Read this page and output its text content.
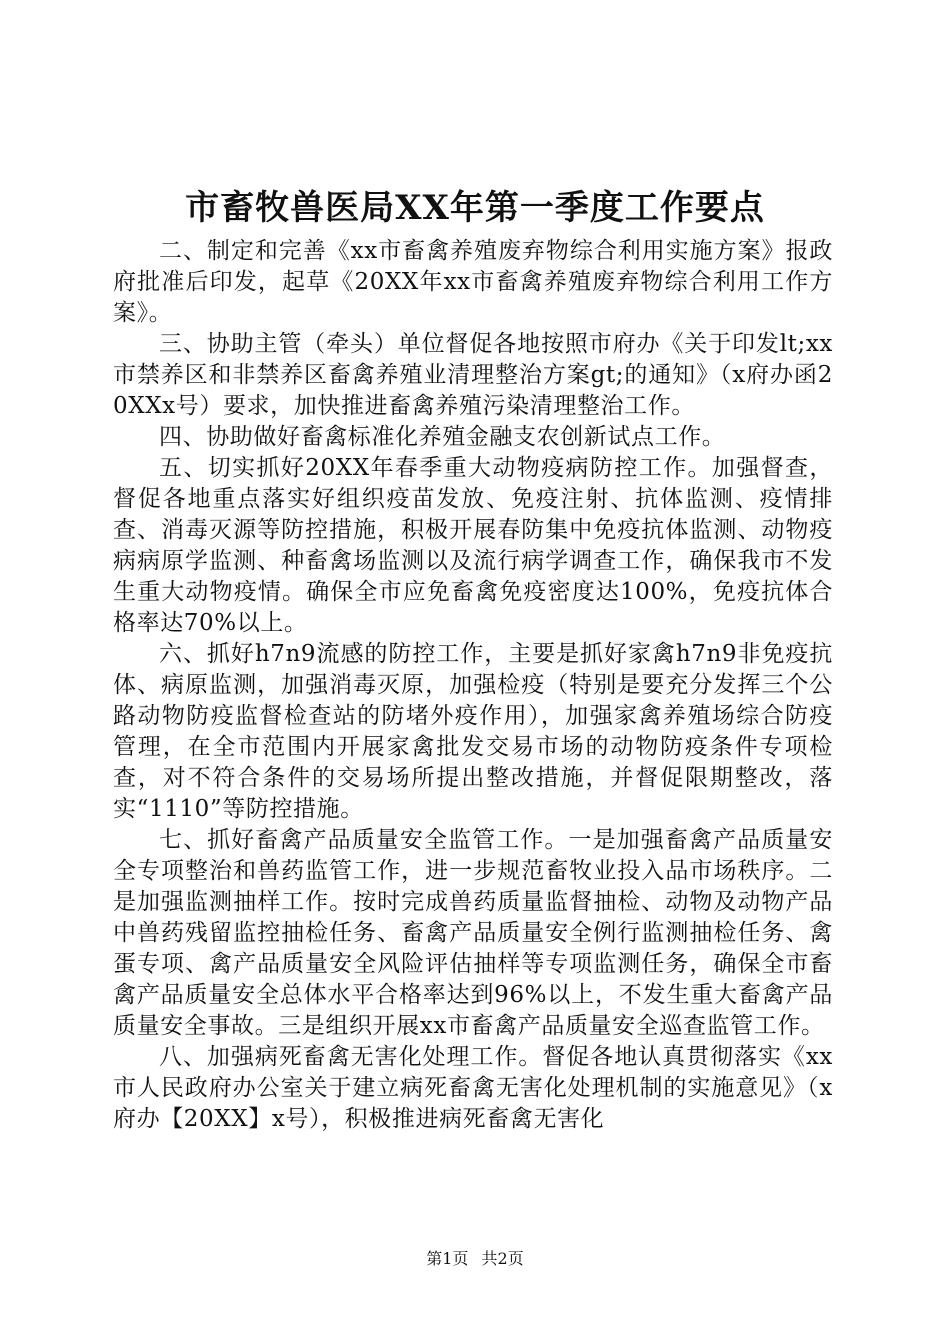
市畜牧兽医局XX年第一季度工作要点

二、制定和完善《xx市畜禽养殖废弃物综合利用实施方案》报政府批准后印发，起草《20XX年xx市畜禽养殖废弃物综合利用工作方案》。

三、协助主管（牵头）单位督促各地按照市府办《关于印发lt;xx市禁养区和非禁养区畜禽养殖业清理整治方案gt;的通知》（x府办函20XXx号）要求，加快推进畜禽养殖污染清理整治工作。

四、协助做好畜禽标准化养殖金融支农创新试点工作。

五、切实抓好20XX年春季重大动物疫病防控工作。加强督查，督促各地重点落实好组织疫苗发放、免疫注射、抗体监测、疫情排查、消毒灭源等防控措施，积极开展春防集中免疫抗体监测、动物疫病病原学监测、种畜禽场监测以及流行病学调查工作，确保我市不发生重大动物疫情。确保全市应免畜禽免疫密度达100%，免疫抗体合格率达70%以上。

六、抓好h7n9流感的防控工作，主要是抓好家禽h7n9非免疫抗体、病原监测，加强消毒灭原，加强检疫（特别是要充分发挥三个公路动物防疫监督检查站的防堵外疫作用），加强家禽养殖场综合防疫管理，在全市范围内开展家禽批发交易市场的动物防疫条件专项检查，对不符合条件的交易场所提出整改措施，并督促限期整改，落实“1110”等防控措施。

七、抓好畜禽产品质量安全监管工作。一是加强畜禽产品质量安全专项整治和兽药监管工作，进一步规范畜牧业投入品市场秩序。二是加强监测抽样工作。按时完成兽药质量监督抽检、动物及动物产品中兽药残留监控抽检任务、畜禽产品质量安全例行监测抽检任务、禽蛋专项、禽产品质量安全风险评估抽样等专项监测任务，确保全市畜禽产品质量安全总体水平合格率达到96%以上，不发生重大畜禽产品质量安全事故。三是组织开展xx市畜禽产品质量安全巡查监管工作。

八、加强病死畜禽无害化处理工作。督促各地认真贯彻落实《xx市人民政府办公室关于建立病死畜禽无害化处理机制的实施意见》（x府办【20XX】x号），积极推进病死畜禽无害化

第1页 共2页
